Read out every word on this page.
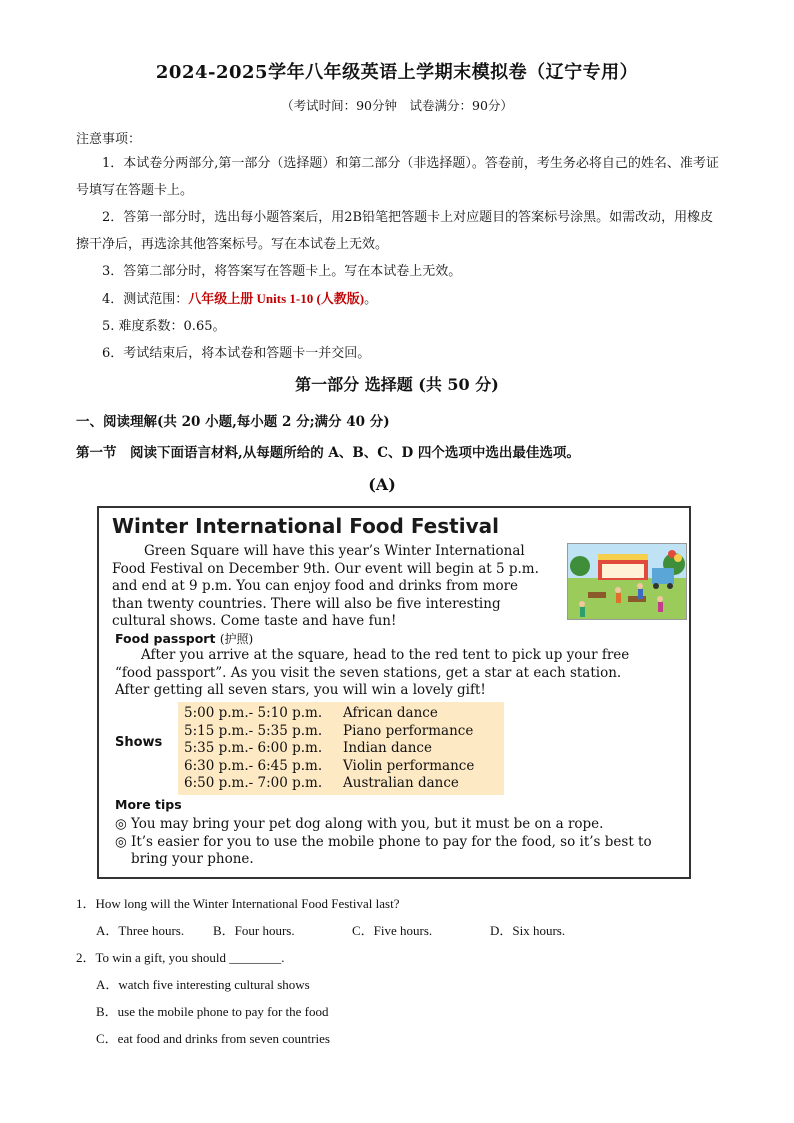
2024-2025学年八年级英语上学期末模拟卷（辽宁专用）
（考试时间：90分钟　试卷满分：90分）
注意事项：

1．本试卷分两部分,第一部分（选择题）和第二部分（非选择题）。答卷前，考生务必将自己的姓名、准考证号填写在答题卡上。

2．答第一部分时，选出每小题答案后，用2B铅笔把答题卡上对应题目的答案标号涂黑。如需改动，用橡皮擦干净后，再选涂其他答案标号。写在本试卷上无效。

3．答第二部分时，将答案写在答题卡上。写在本试卷上无效。

4．测试范围：八年级上册 Units 1-10 (人教版)。

5. 难度系数：0.65。

6．考试结束后，将本试卷和答题卡一并交回。

第一部分 选择题 (共 50 分)
一、阅读理解(共 20 小题,每小题 2 分;满分 40 分)
第一节　阅读下面语言材料,从每题所给的 A、B、C、D 四个选项中选出最佳选项。
(A)
Winter International Food Festival

Green Square will have this year’s Winter International

Food Festival on December 9th. Our event will begin at 5 p.m.

and end at 9 p.m. You can enjoy food and drinks from more

than twenty countries. There will also be five interesting

cultural shows. Come taste and have fun!

Food passport (护照)

After you arrive at the square, head to the red tent to pick up your free

“food passport”. As you visit the seven stations, get a star at each station.

After getting all seven stars, you will win a lovely gift!

Shows
5:00 p.m.- 5:10 p.m.	African dance
5:15 p.m.- 5:35 p.m.	Piano performance
5:35 p.m.- 6:00 p.m.	Indian dance
6:30 p.m.- 6:45 p.m.	Violin performance
6:50 p.m.- 7:00 p.m.	Australian dance
More tips
◎ You may bring your pet dog along with you, but it must be on a rope.
◎ It’s easier for you to use the mobile phone to pay for the food, so it’s best to
bring your phone.
1．How long will the Winter International Food Festival last?
A．Three hours. B．Four hours.	C．Five hours.	D．Six hours.
2．To win a gift, you should ________.
A．watch five interesting cultural shows
B．use the mobile phone to pay for the food
C．eat food and drinks from seven countries
